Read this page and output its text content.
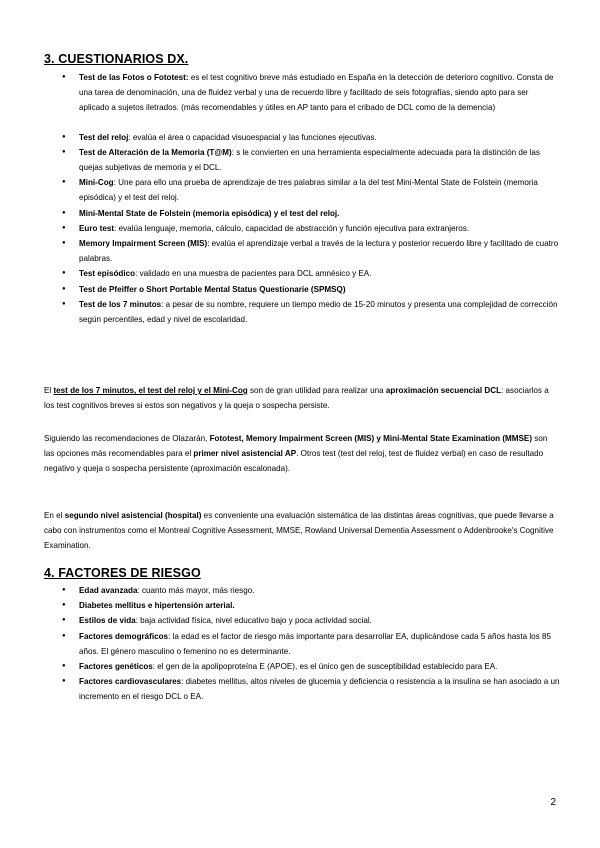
3. CUESTIONARIOS DX.
● Test de las Fotos o Fototest: es el test cognitivo breve más estudiado en España en la detección de deterioro cognitivo. Consta de una tarea de denominación, una de fluidez verbal y una de recuerdo libre y facilitado de seis fotografías, siendo apto para ser aplicado a sujetos iletrados. (más recomendables y útiles en AP tanto para el cribado de DCL como de la demencia)
● Test del reloj: evalúa el área o capacidad visuoespacial y las funciones ejecutivas.
● Test de Alteración de la Memoria (T@M): s le convierten en una herramienta especialmente adecuada para la distinción de las quejas subjetivas de memoria y el DCL.
● Mini-Cog: Une para ello una prueba de aprendizaje de tres palabras similar a la del test Mini-Mental State de Folstein (memoria episódica) y el test del reloj.
● Mini-Mental State de Folstein (memoria episódica) y el test del reloj.
● Euro test: evalúa lenguaje, memoria, cálculo, capacidad de abstracción y función ejecutiva para extranjeros.
● Memory Impairment Screen (MIS): evalúa el aprendizaje verbal a través de la lectura y posterior recuerdo libre y facilitado de cuatro palabras.
● Test episódico: validado en una muestra de pacientes para DCL amnésico y EA.
● Test de Pfeiffer o Short Portable Mental Status Questionarie (SPMSQ)
● Test de los 7 minutos: a pesar de su nombre, requiere un tiempo medio de 15-20 minutos y presenta una complejidad de corrección según percentiles, edad y nivel de escolaridad.

El test de los 7 minutos, el test del reloj y el Mini-Cog son de gran utilidad para realizar una aproximación secuencial DCL: asociarlos a los test cognitivos breves si estos son negativos y la queja o sospecha persiste.

Siguiendo las recomendaciones de Olazarán, Fototest, Memory Impairment Screen (MIS) y Mini-Mental State Examination (MMSE) son las opciones más recomendables para el primer nivel asistencial AP. Otros test (test del reloj, test de fluidez verbal) en caso de resultado negativo y queja o sospecha persistente (aproximación escalonada).

En el segundo nivel asistencial (hospital) es conveniente una evaluación sistemática de las distintas áreas cognitivas, que puede llevarse a cabo con instrumentos como el Montreal Cognitive Assessment, MMSE, Rowland Universal Dementia Assessment o Addenbrooke's Cognitive Examination.

4. FACTORES DE RIESGO
● Edad avanzada: cuanto más mayor, más riesgo.
● Diabetes mellitus e hipertensión arterial.
● Estilos de vida: baja actividad física, nivel educativo bajo y poca actividad social.
● Factores demográficos: la edad es el factor de riesgo más importante para desarrollar EA, duplicándose cada 5 años hasta los 85 años. El género masculino o femenino no es determinante.
● Factores genéticos: el gen de la apolipoproteína E (APOE), es el único gen de susceptibilidad establecido para EA.
● Factores cardiovasculares: diabetes mellitus, altos niveles de glucemia y deficiencia o resistencia a la insulina se han asociado a un incremento en el riesgo DCL o EA.
2
